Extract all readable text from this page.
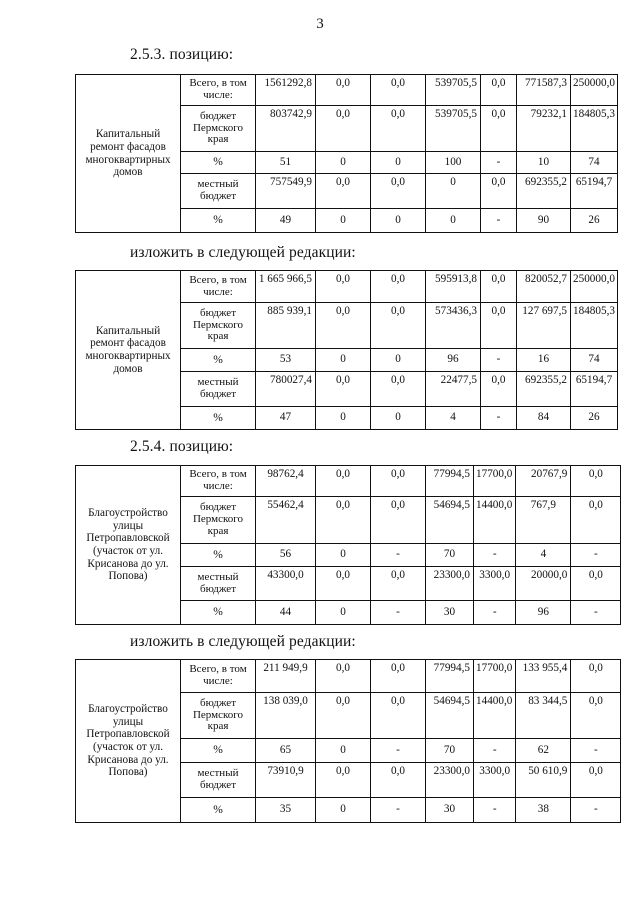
3
2.5.3. позицию:
Капитальный ремонт фасадов многоквартирных домов	Всего, в том числе:	1561292,8	0,0	0,0	539705,5	0,0	771587,3	250000,0
	бюджет Пермского края	803742,9	0,0	0,0	539705,5	0,0	79232,1	184805,3
	%	51	0	0	100	-	10	74
	местный бюджет	757549,9	0,0	0,0	0	0,0	692355,2	65194,7
	%	49	0	0	0	-	90	26
изложить в следующей редакции:
Капитальный ремонт фасадов многоквартирных домов	Всего, в том числе:	1 665 966,5	0,0	0,0	595913,8	0,0	820052,7	250000,0
	бюджет Пермского края	885 939,1	0,0	0,0	573436,3	0,0	127 697,5	184805,3
	%	53	0	0	96	-	16	74
	местный бюджет	780027,4	0,0	0,0	22477,5	0,0	692355,2	65194,7
	%	47	0	0	4	-	84	26
2.5.4. позицию:
Благоустройство улицы Петропавловской (участок от ул. Крисанова до ул. Попова)	Всего, в том числе:	98762,4	0,0	0,0	77994,5	17700,0	20767,9	0,0
	бюджет Пермского края	55462,4	0,0	0,0	54694,5	14400,0	767,9	0,0
	%	56	0	-	70	-	4	-
	местный бюджет	43300,0	0,0	0,0	23300,0	3300,0	20000,0	0,0
	%	44	0	-	30	-	96	-
изложить в следующей редакции:
Благоустройство улицы Петропавловской (участок от ул. Крисанова до ул. Попова)	Всего, в том числе:	211 949,9	0,0	0,0	77994,5	17700,0	133 955,4	0,0
	бюджет Пермского края	138 039,0	0,0	0,0	54694,5	14400,0	83 344,5	0,0
	%	65	0	-	70	-	62	-
	местный бюджет	73910,9	0,0	0,0	23300,0	3300,0	50 610,9	0,0
	%	35	0	-	30	-	38	-
